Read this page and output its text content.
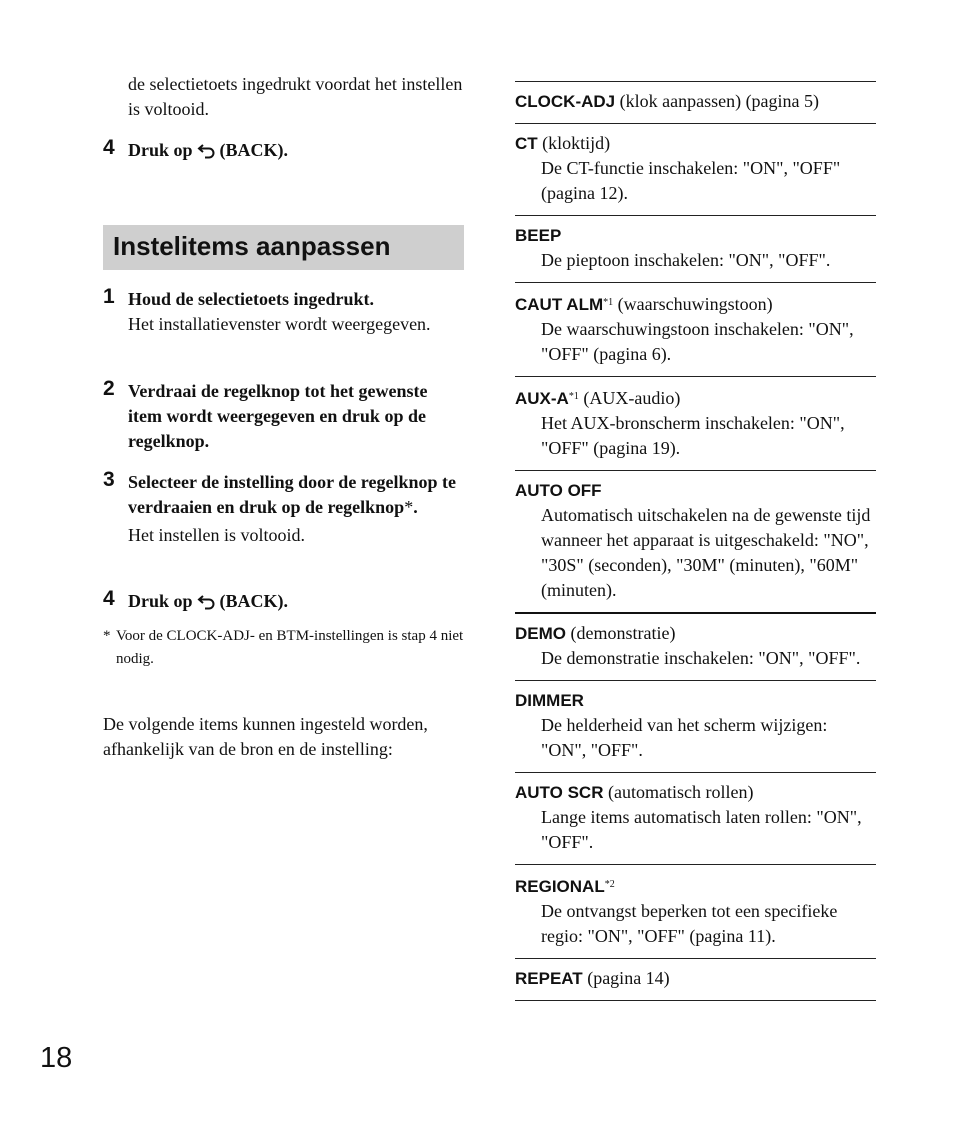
de selectietoets ingedrukt voordat het instellen is voltooid.
4 Druk op (BACK).
Instelitems aanpassen
1 Houd de selectietoets ingedrukt.
Het installatievenster wordt weergegeven.
2 Verdraai de regelknop tot het gewenste item wordt weergegeven en druk op de regelknop.
3 Selecteer de instelling door de regelknop te verdraaien en druk op de regelknop*.
Het instellen is voltooid.
4 Druk op (BACK).
* Voor de CLOCK-ADJ- en BTM-instellingen is stap 4 niet nodig.
De volgende items kunnen ingesteld worden, afhankelijk van de bron en de instelling:
CLOCK-ADJ (klok aanpassen) (pagina 5)
CT (kloktijd)
De CT-functie inschakelen: "ON", "OFF" (pagina 12).
BEEP
De pieptoon inschakelen: "ON", "OFF".
CAUT ALM$^{*1}$ (waarschuwingstoon)
De waarschuwingstoon inschakelen: "ON", "OFF" (pagina 6).
AUX-$A^{*1}$ (AUX-audio)
Het AUX-bronscherm inschakelen: "ON", "OFF" (pagina 19).
AUTO OFF
Automatisch uitschakelen na de gewenste tijd wanneer het apparaat is uitgeschakeld: "NO", "30S" (seconden), "30M" (minuten), "60M" (minuten).
DEMO (demonstratie)
De demonstratie inschakelen: "ON", "OFF".
DIMMER
De helderheid van het scherm wijzigen: "ON", "OFF".
AUTO SCR (automatisch rollen)
Lange items automatisch laten rollen: "ON", "OFF".
REGIONAL$^{*2}$
De ontvangst beperken tot een specifieke regio: "ON", "OFF" (pagina 11).
REPEAT (pagina 14)
18
